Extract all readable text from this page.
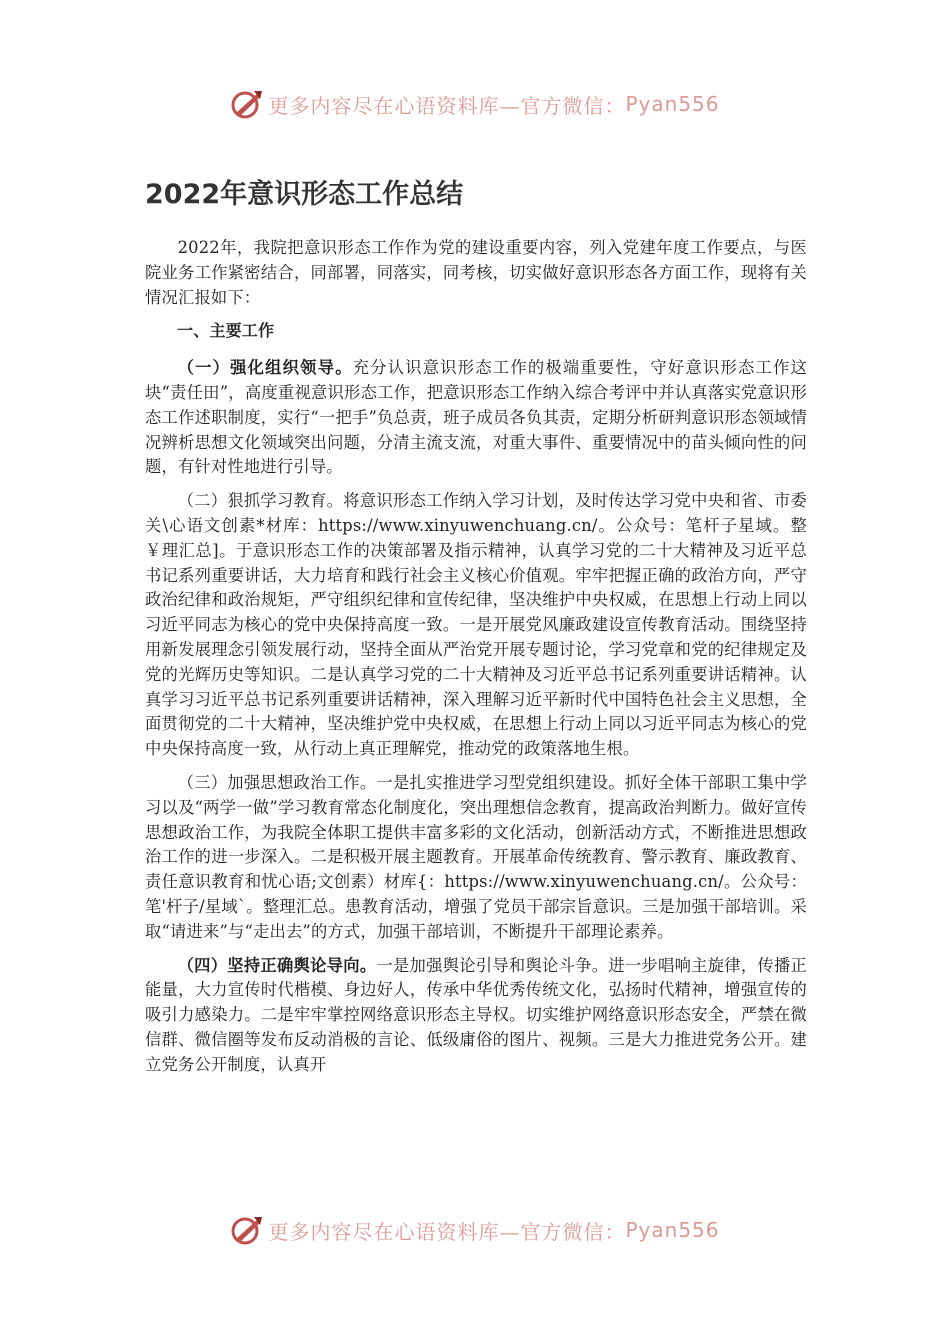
更多内容尽在心语资料库—官方微信： Pyan556
2022年意识形态工作总结

2022年，我院把意识形态工作作为党的建设重要内容，列入党建年度工作要点，与医院业务工作紧密结合，同部署，同落实，同考核，切实做好意识形态各方面工作，现将有关情况汇报如下：

一、主要工作

（一）强化组织领导。充分认识意识形态工作的极端重要性，守好意识形态工作这块“责任田”，高度重视意识形态工作，把意识形态工作纳入综合考评中并认真落实党意识形态工作述职制度，实行“一把手”负总责，班子成员各负其责，定期分析研判意识形态领域情况辨析思想文化领域突出问题，分清主流支流，对重大事件、重要情况中的苗头倾向性的问题，有针对性地进行引导。

（二）狠抓学习教育。将意识形态工作纳入学习计划，及时传达学习党中央和省、市委关\心语文创素*材库：https://www.xinyuwenchuang.cn/。公众号：笔杆子星域。整￥理汇总]。于意识形态工作的决策部署及指示精神，认真学习党的二十大精神及习近平总书记系列重要讲话，大力培育和践行社会主义核心价值观。牢牢把握正确的政治方向，严守政治纪律和政治规矩，严守组织纪律和宣传纪律，坚决维护中央权威，在思想上行动上同以习近平同志为核心的党中央保持高度一致。一是开展党风廉政建设宣传教育活动。围绕坚持用新发展理念引领发展行动，坚持全面从严治党开展专题讨论，学习党章和党的纪律规定及党的光辉历史等知识。二是认真学习党的二十大精神及习近平总书记系列重要讲话精神。认真学习习近平总书记系列重要讲话精神，深入理解习近平新时代中国特色社会主义思想，全面贯彻党的二十大精神，坚决维护党中央权威，在思想上行动上同以习近平同志为核心的党中央保持高度一致，从行动上真正理解党，推动党的政策落地生根。

（三）加强思想政治工作。一是扎实推进学习型党组织建设。抓好全体干部职工集中学习以及“两学一做”学习教育常态化制度化，突出理想信念教育，提高政治判断力。做好宣传思想政治工作，为我院全体职工提供丰富多彩的文化活动，创新活动方式，不断推进思想政治工作的进一步深入。二是积极开展主题教育。开展革命传统教育、警示教育、廉政教育、责任意识教育和忧心语;文创素）材库{：https://www.xinyuwenchuang.cn/。公众号：笔'杆子/星域`。整理汇总。患教育活动，增强了党员干部宗旨意识。三是加强干部培训。采取“请进来”与“走出去”的方式，加强干部培训，不断提升干部理论素养。

（四）坚持正确舆论导向。一是加强舆论引导和舆论斗争。进一步唱响主旋律，传播正能量，大力宣传时代楷模、身边好人，传承中华优秀传统文化，弘扬时代精神，增强宣传的吸引力感染力。二是牢牢掌控网络意识形态主导权。切实维护网络意识形态安全，严禁在微信群、微信圈等发布反动消极的言论、低级庸俗的图片、视频。三是大力推进党务公开。建立党务公开制度，认真开

更多内容尽在心语资料库—官方微信： Pyan556
